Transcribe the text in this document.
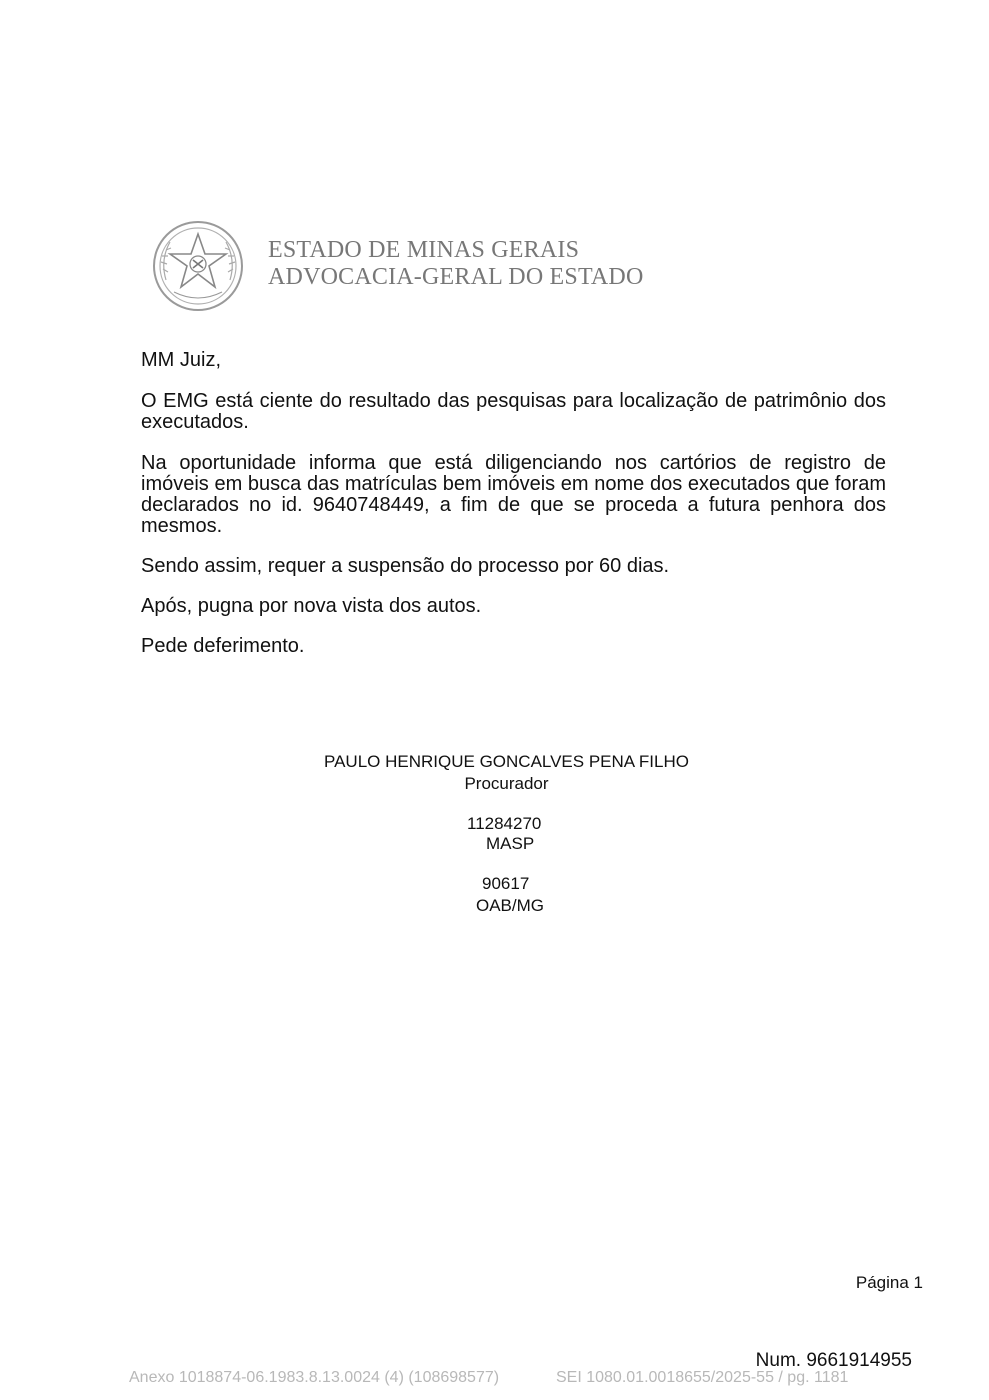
ESTADO DE MINAS GERAIS
ADVOCACIA-GERAL DO ESTADO
MM Juiz,
O EMG está ciente do resultado das pesquisas para localização de patrimônio dos executados.
Na oportunidade informa que está diligenciando nos cartórios de registro de imóveis em busca das matrículas bem imóveis em nome dos executados que foram declarados no id. 9640748449, a fim de que se proceda a futura penhora dos mesmos.
Sendo assim, requer a suspensão do processo por 60 dias.
Após, pugna por nova vista dos autos.
Pede deferimento.
PAULO HENRIQUE GONCALVES PENA FILHO
Procurador
11284270
MASP
90617
OAB/MG
Página 1
Num. 9661914955
Anexo 1018874-06.1983.8.13.0024 (4) (108698577)	SEI 1080.01.0018655/2025-55 / pg. 1181
